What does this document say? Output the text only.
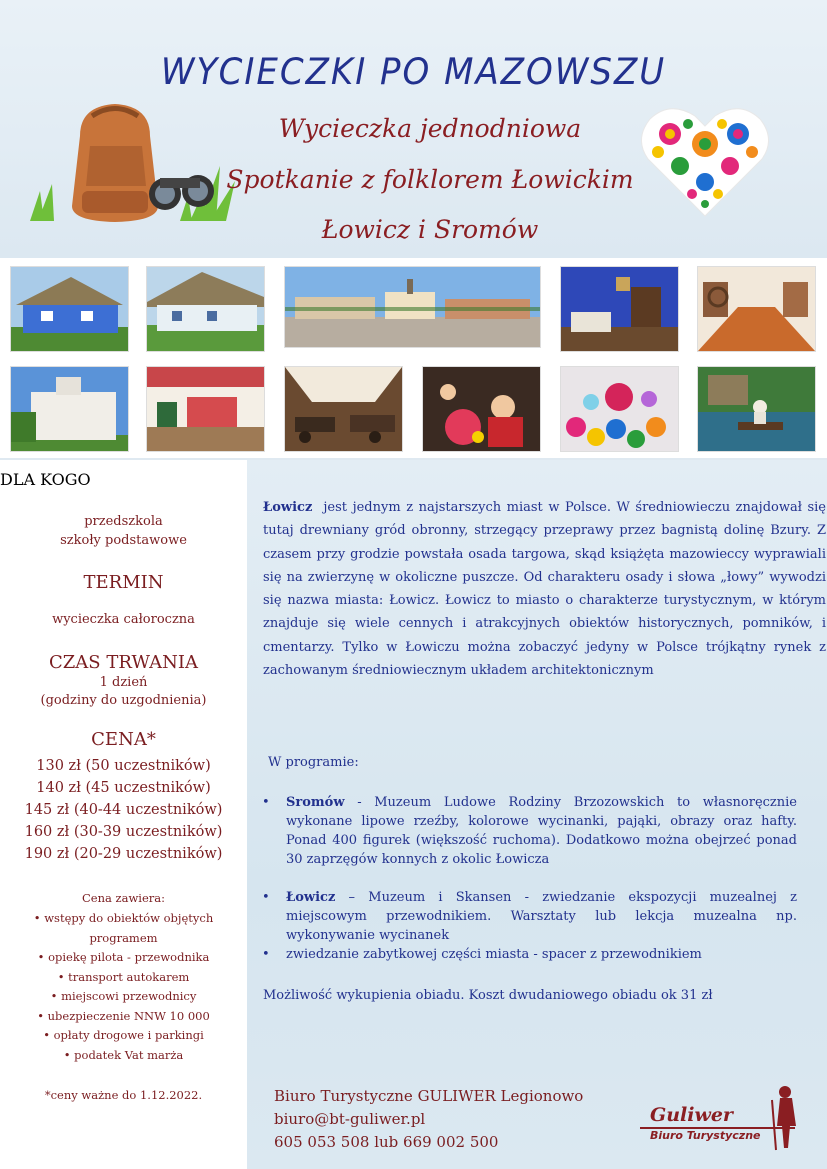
WYCIECZKI PO MAZOWSZU
Wycieczka jednodniowa
Spotkanie z folklorem Łowickim
Łowicz i Sromów
DLA KOGO
przedszkola
szkoły podstawowe
TERMIN
wycieczka całoroczna
CZAS TRWANIA
1 dzień
(godziny do uzgodnienia)
CENA*
130 zł (50 uczestników)
140 zł (45 uczestników)
145 zł (40-44 uczestników)
160 zł (30-39 uczestników)
190 zł (20-29 uczestników)
Cena zawiera:
• wstępy do obiektów objętych
programem
• opiekę pilota - przewodnika
• transport autokarem
• miejscowi przewodnicy
• ubezpieczenie NNW 10 000
• opłaty drogowe i parkingi
• podatek Vat marża
*ceny ważne do 1.12.2022.
Łowicz jest jednym z najstarszych miast w Polsce. W średniowieczu znajdował się tutaj drewniany gród obronny, strzegący przeprawy przez bagnistą dolinę Bzury. Z czasem przy grodzie powstała osada targowa, skąd książęta mazowieccy wyprawiali się na zwierzynę w okoliczne puszcze. Od charakteru osady i słowa „łowy” wywodzi się nazwa miasta: Łowicz. Łowicz to miasto o charakterze turystycznym, w którym znajduje się wiele cennych i atrakcyjnych obiektów historycznych, pomników, i cmentarzy. Tylko w Łowiczu można zobaczyć jedyny w Polsce trójkątny rynek z zachowanym średniowiecznym układem architektonicznym
W programie:
• Sromów - Muzeum Ludowe Rodziny Brzozowskich to własnoręcznie wykonane lipowe rzeźby, kolorowe wycinanki, pająki, obrazy oraz hafty. Ponad 400 figurek (większość ruchoma). Dodatkowo można obejrzeć ponad 30 zaprzęgów konnych z okolic Łowicza
• Łowicz – Muzeum i Skansen - zwiedzanie ekspozycji muzealnej z miejscowym przewodnikiem. Warsztaty lub lekcja muzealna np. wykonywanie wycinanek
• zwiedzanie zabytkowej części miasta - spacer z przewodnikiem
Możliwość wykupienia obiadu. Koszt dwudaniowego obiadu ok 31 zł
Biuro Turystyczne GULIWER Legionowo
biuro@bt-guliwer.pl
605 053 508 lub 669 002 500
Guliwer
Biuro Turystyczne
